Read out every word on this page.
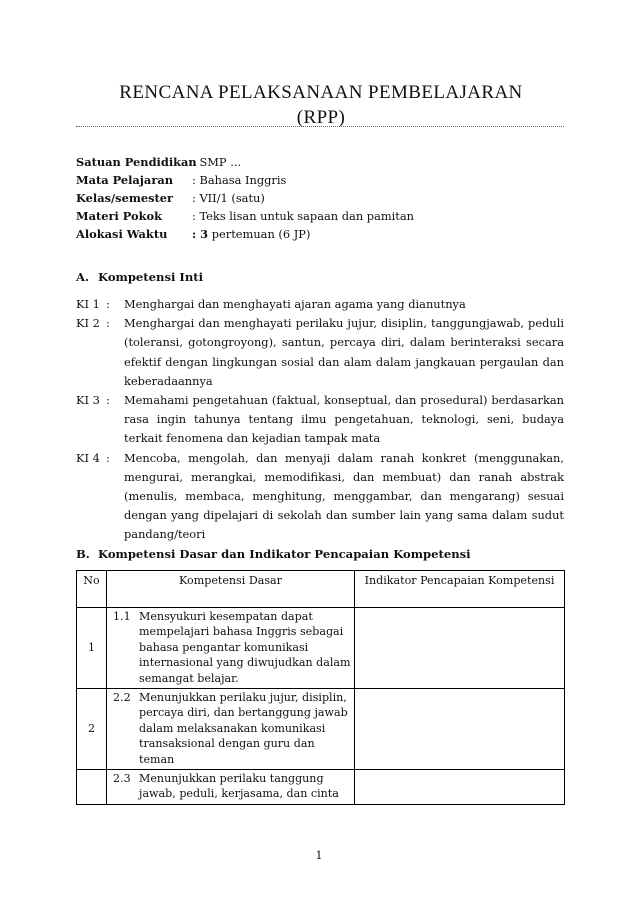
RENCANA PELAKSANAAN PEMBELAJARAN
(RPP)
Satuan Pendidikan
: SMP ...
Mata Pelajaran	: Bahasa Inggris
Kelas/semester	: VII/1 (satu)
Materi Pokok	: Teks lisan untuk sapaan dan pamitan
Alokasi Waktu	: 3 pertemuan (6 JP)
A. Kompetensi Inti
KI 1 :	Menghargai dan menghayati ajaran agama yang dianutnya
KI 2 :	Menghargai dan menghayati perilaku jujur, disiplin, tanggungjawab, peduli (toleransi, gotongroyong), santun, percaya diri, dalam berinteraksi secara efektif dengan lingkungan sosial dan alam dalam jangkauan pergaulan dan keberadaannya
KI 3 :	Memahami pengetahuan (faktual, konseptual, dan prosedural) berdasarkan rasa ingin tahunya tentang ilmu pengetahuan, teknologi, seni, budaya terkait fenomena dan kejadian tampak mata
KI 4 :	Mencoba, mengolah, dan menyaji dalam ranah konkret (menggunakan, mengurai, merangkai, memodifikasi, dan membuat) dan ranah abstrak (menulis, membaca, menghitung, menggambar, dan mengarang) sesuai dengan yang dipelajari di sekolah dan sumber lain yang sama dalam sudut pandang/teori
B. Kompetensi Dasar dan Indikator Pencapaian Kompetensi
No	Kompetensi Dasar	Indikator Pencapaian Kompetensi
1	1.1 Mensyukuri kesempatan dapat mempelajari bahasa Inggris sebagai bahasa pengantar komunikasi internasional yang diwujudkan dalam semangat belajar.	

2	2.2 Menunjukkan perilaku jujur, disiplin, percaya diri, dan bertanggung jawab dalam melaksanakan komunikasi transaksional dengan guru dan teman	

	2.3 Menunjukkan perilaku tanggung jawab, peduli, kerjasama, dan cinta	

1
